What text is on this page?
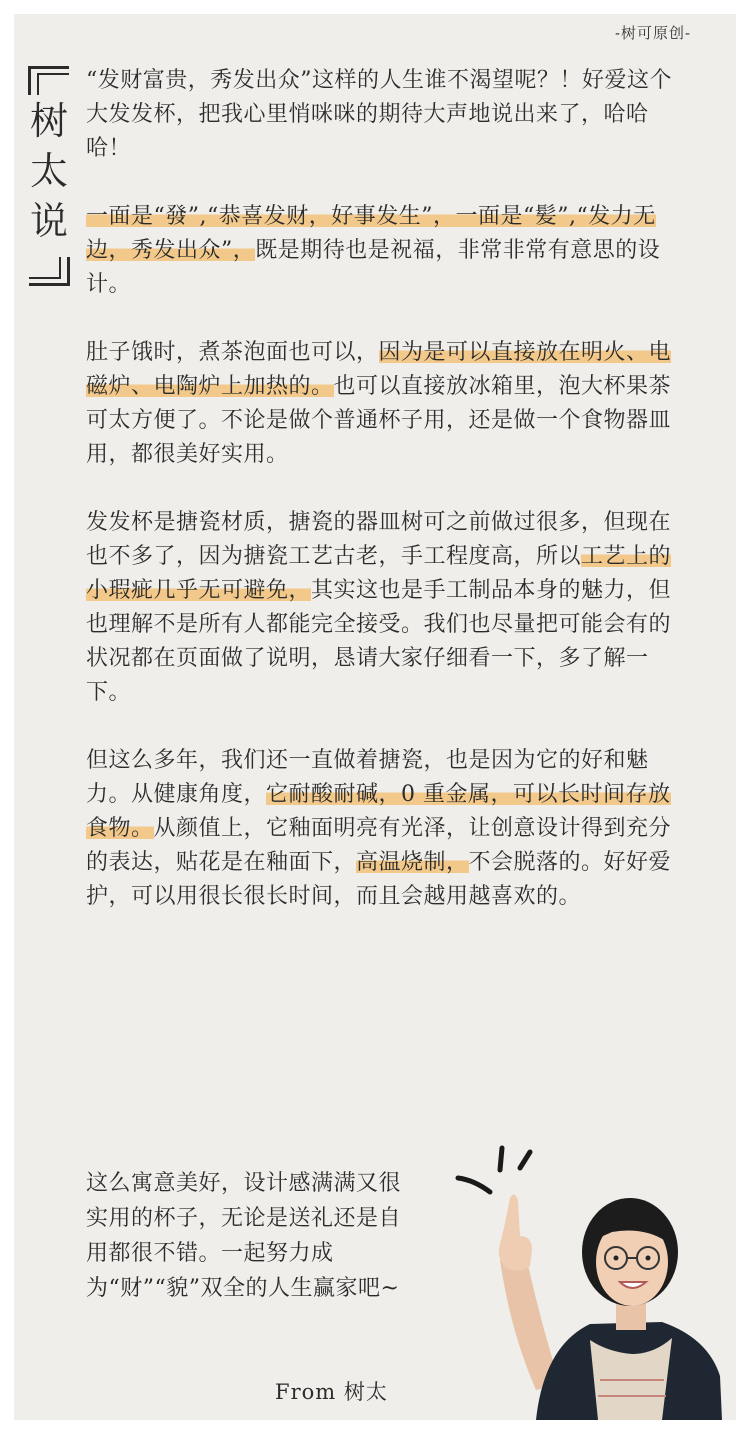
-树可原创-
树太说

“发财富贵，秀发出众”这样的人生谁不渴望呢？！好爱这个大发发杯，把我心里悄咪咪的期待大声地说出来了，哈哈哈！

一面是“發”,“恭喜发财，好事发生”，一面是“髪”,“发力无边，秀发出众”，既是期待也是祝福，非常非常有意思的设计。

肚子饿时，煮茶泡面也可以，因为是可以直接放在明火、电磁炉、电陶炉上加热的。也可以直接放冰箱里，泡大杯果茶可太方便了。不论是做个普通杯子用，还是做一个食物器皿用，都很美好实用。

发发杯是搪瓷材质，搪瓷的器皿树可之前做过很多，但现在也不多了，因为搪瓷工艺古老，手工程度高，所以工艺上的小瑕疵几乎无可避免，其实这也是手工制品本身的魅力，但也理解不是所有人都能完全接受。我们也尽量把可能会有的状况都在页面做了说明，恳请大家仔细看一下，多了解一下。

但这么多年，我们还一直做着搪瓷，也是因为它的好和魅力。从健康角度，它耐酸耐碱，0 重金属，可以长时间存放食物。从颜值上，它釉面明亮有光泽，让创意设计得到充分的表达，贴花是在釉面下，高温烧制，不会脱落的。好好爱护，可以用很长很长时间，而且会越用越喜欢的。

这么寓意美好，设计感满满又很实用的杯子，无论是送礼还是自用都很不错。一起努力成为“财”“貌”双全的人生赢家吧~
From 树太
